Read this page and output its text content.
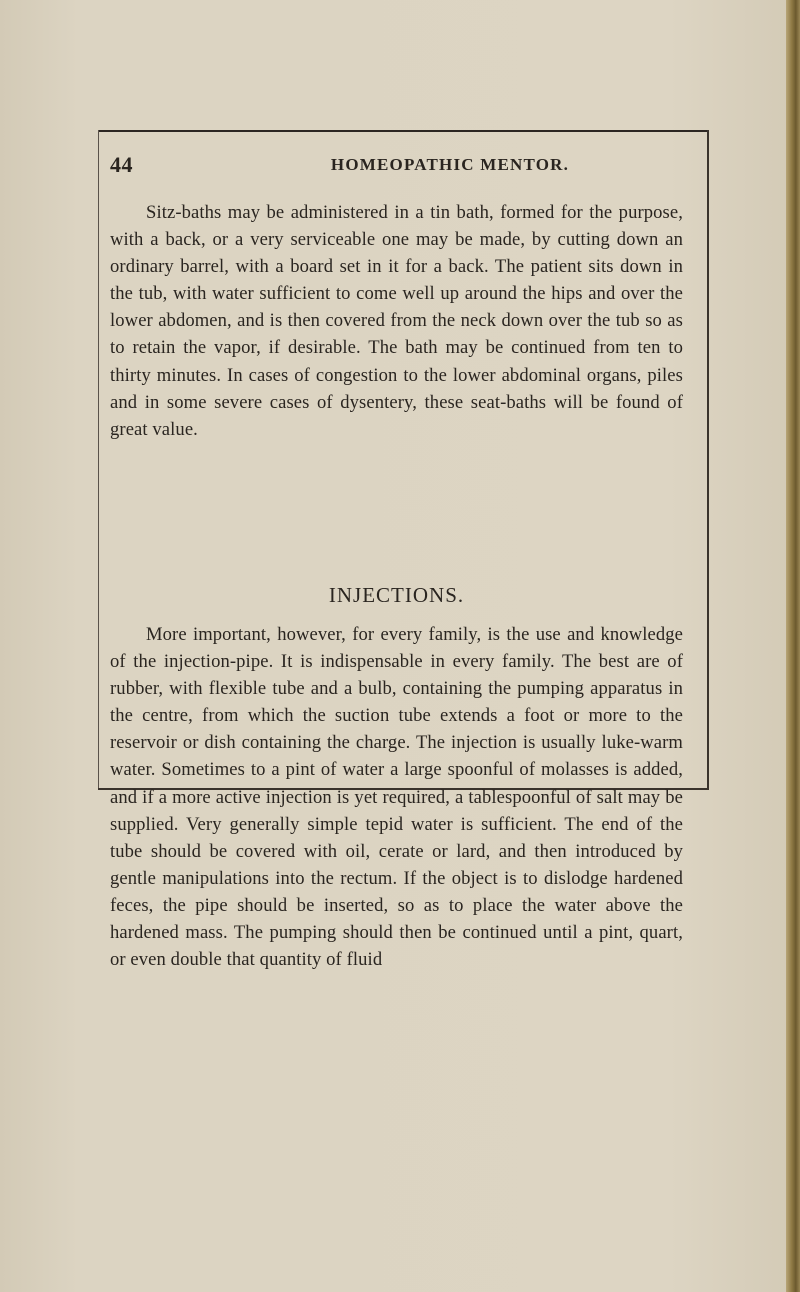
44	HOMEOPATHIC MENTOR.

Sitz-baths may be administered in a tin bath, formed for the purpose, with a back, or a very serviceable one may be made, by cutting down an ordinary barrel, with a board set in it for a back. The patient sits down in the tub, with water sufficient to come well up around the hips and over the lower abdomen, and is then covered from the neck down over the tub so as to retain the vapor, if desirable. The bath may be continued from ten to thirty minutes. In cases of congestion to the lower abdominal organs, piles and in some severe cases of dysentery, these seat-baths will be found of great value.

INJECTIONS.

More important, however, for every family, is the use and knowledge of the injection-pipe. It is indispensable in every family. The best are of rubber, with flexible tube and a bulb, containing the pumping apparatus in the centre, from which the suction tube extends a foot or more to the reservoir or dish containing the charge. The injection is usually luke-warm water. Sometimes to a pint of water a large spoonful of molasses is added, and if a more active injection is yet required, a tablespoonful of salt may be supplied. Very generally simple tepid water is sufficient. The end of the tube should be covered with oil, cerate or lard, and then introduced by gentle manipulations into the rectum. If the object is to dislodge hardened feces, the pipe should be inserted, so as to place the water above the hardened mass. The pumping should then be continued until a pint, quart, or even double that quantity of fluid
